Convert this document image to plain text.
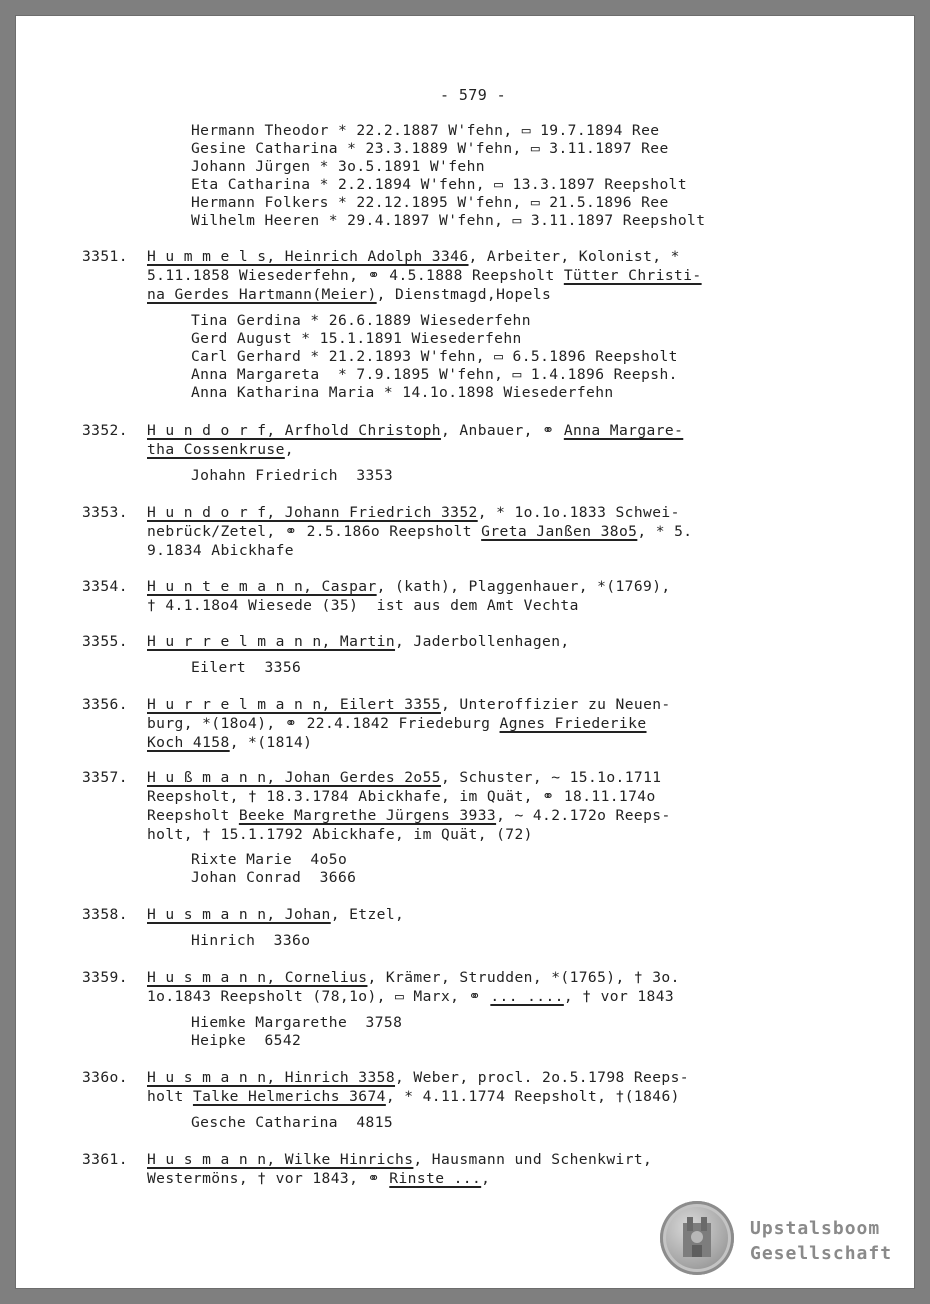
- 579 -
Hermann Theodor * 22.2.1887 W'fehn, ▭ 19.7.1894 Ree
Gesine Catharina * 23.3.1889 W'fehn, ▭ 3.11.1897 Ree
Johann Jürgen * 3o.5.1891 W'fehn
Eta Catharina * 2.2.1894 W'fehn, ▭ 13.3.1897 Reepsholt
Hermann Folkers * 22.12.1895 W'fehn, ▭ 21.5.1896 Ree
Wilhelm Heeren * 29.4.1897 W'fehn, ▭ 3.11.1897 Reepsholt
3351. H u m m e l s, Heinrich Adolph 3346, Arbeiter, Kolonist, *
5.11.1858 Wiesederfehn, ⚭ 4.5.1888 Reepsholt Tütter Christi-
na Gerdes Hartmann(Meier), Dienstmagd,Hopels
Tina Gerdina * 26.6.1889 Wiesederfehn
Gerd August * 15.1.1891 Wiesederfehn
Carl Gerhard * 21.2.1893 W'fehn, ▭ 6.5.1896 Reepsholt
Anna Margareta  * 7.9.1895 W'fehn, ▭ 1.4.1896 Reepsh.
Anna Katharina Maria * 14.1o.1898 Wiesederfehn
3352. H u n d o r f, Arfhold Christoph, Anbauer, ⚭ Anna Margare-
tha Cossenkruse,
Johahn Friedrich  3353
3353. H u n d o r f, Johann Friedrich 3352, * 1o.1o.1833 Schwei-
nebrück/Zetel, ⚭ 2.5.186o Reepsholt Greta Janßen 38o5, * 5.
9.1834 Abickhafe
3354. H u n t e m a n n, Caspar, (kath), Plaggenhauer, *(1769),
† 4.1.18o4 Wiesede (35)  ist aus dem Amt Vechta
3355. H u r r e l m a n n, Martin, Jaderbollenhagen,
Eilert  3356
3356. H u r r e l m a n n, Eilert 3355, Unteroffizier zu Neuen-
burg, *(18o4), ⚭ 22.4.1842 Friedeburg Agnes Friederike
Koch 4158, *(1814)
3357. H u ß m a n n, Johan Gerdes 2o55, Schuster, ~ 15.1o.1711
Reepsholt, † 18.3.1784 Abickhafe, im Quät, ⚭ 18.11.174o
Reepsholt Beeke Margrethe Jürgens 3933, ~ 4.2.172o Reeps-
holt, † 15.1.1792 Abickhafe, im Quät, (72)
Rixte Marie  4o5o
Johan Conrad  3666
3358. H u s m a n n, Johan, Etzel,
Hinrich  336o
3359. H u s m a n n, Cornelius, Krämer, Strudden, *(1765), † 3o.
1o.1843 Reepsholt (78,1o), ▭ Marx, ⚭ ... ...., † vor 1843
Hiemke Margarethe  3758
Heipke  6542
336o. H u s m a n n, Hinrich 3358, Weber, procl. 2o.5.1798 Reeps-
holt Talke Helmerichs 3674, * 4.11.1774 Reepsholt, †(1846)
Gesche Catharina  4815
3361. H u s m a n n, Wilke Hinrichs, Hausmann und Schenkwirt,
Westermöns, † vor 1843, ⚭ Rinste ...,
Upstalsboom
Gesellschaft
